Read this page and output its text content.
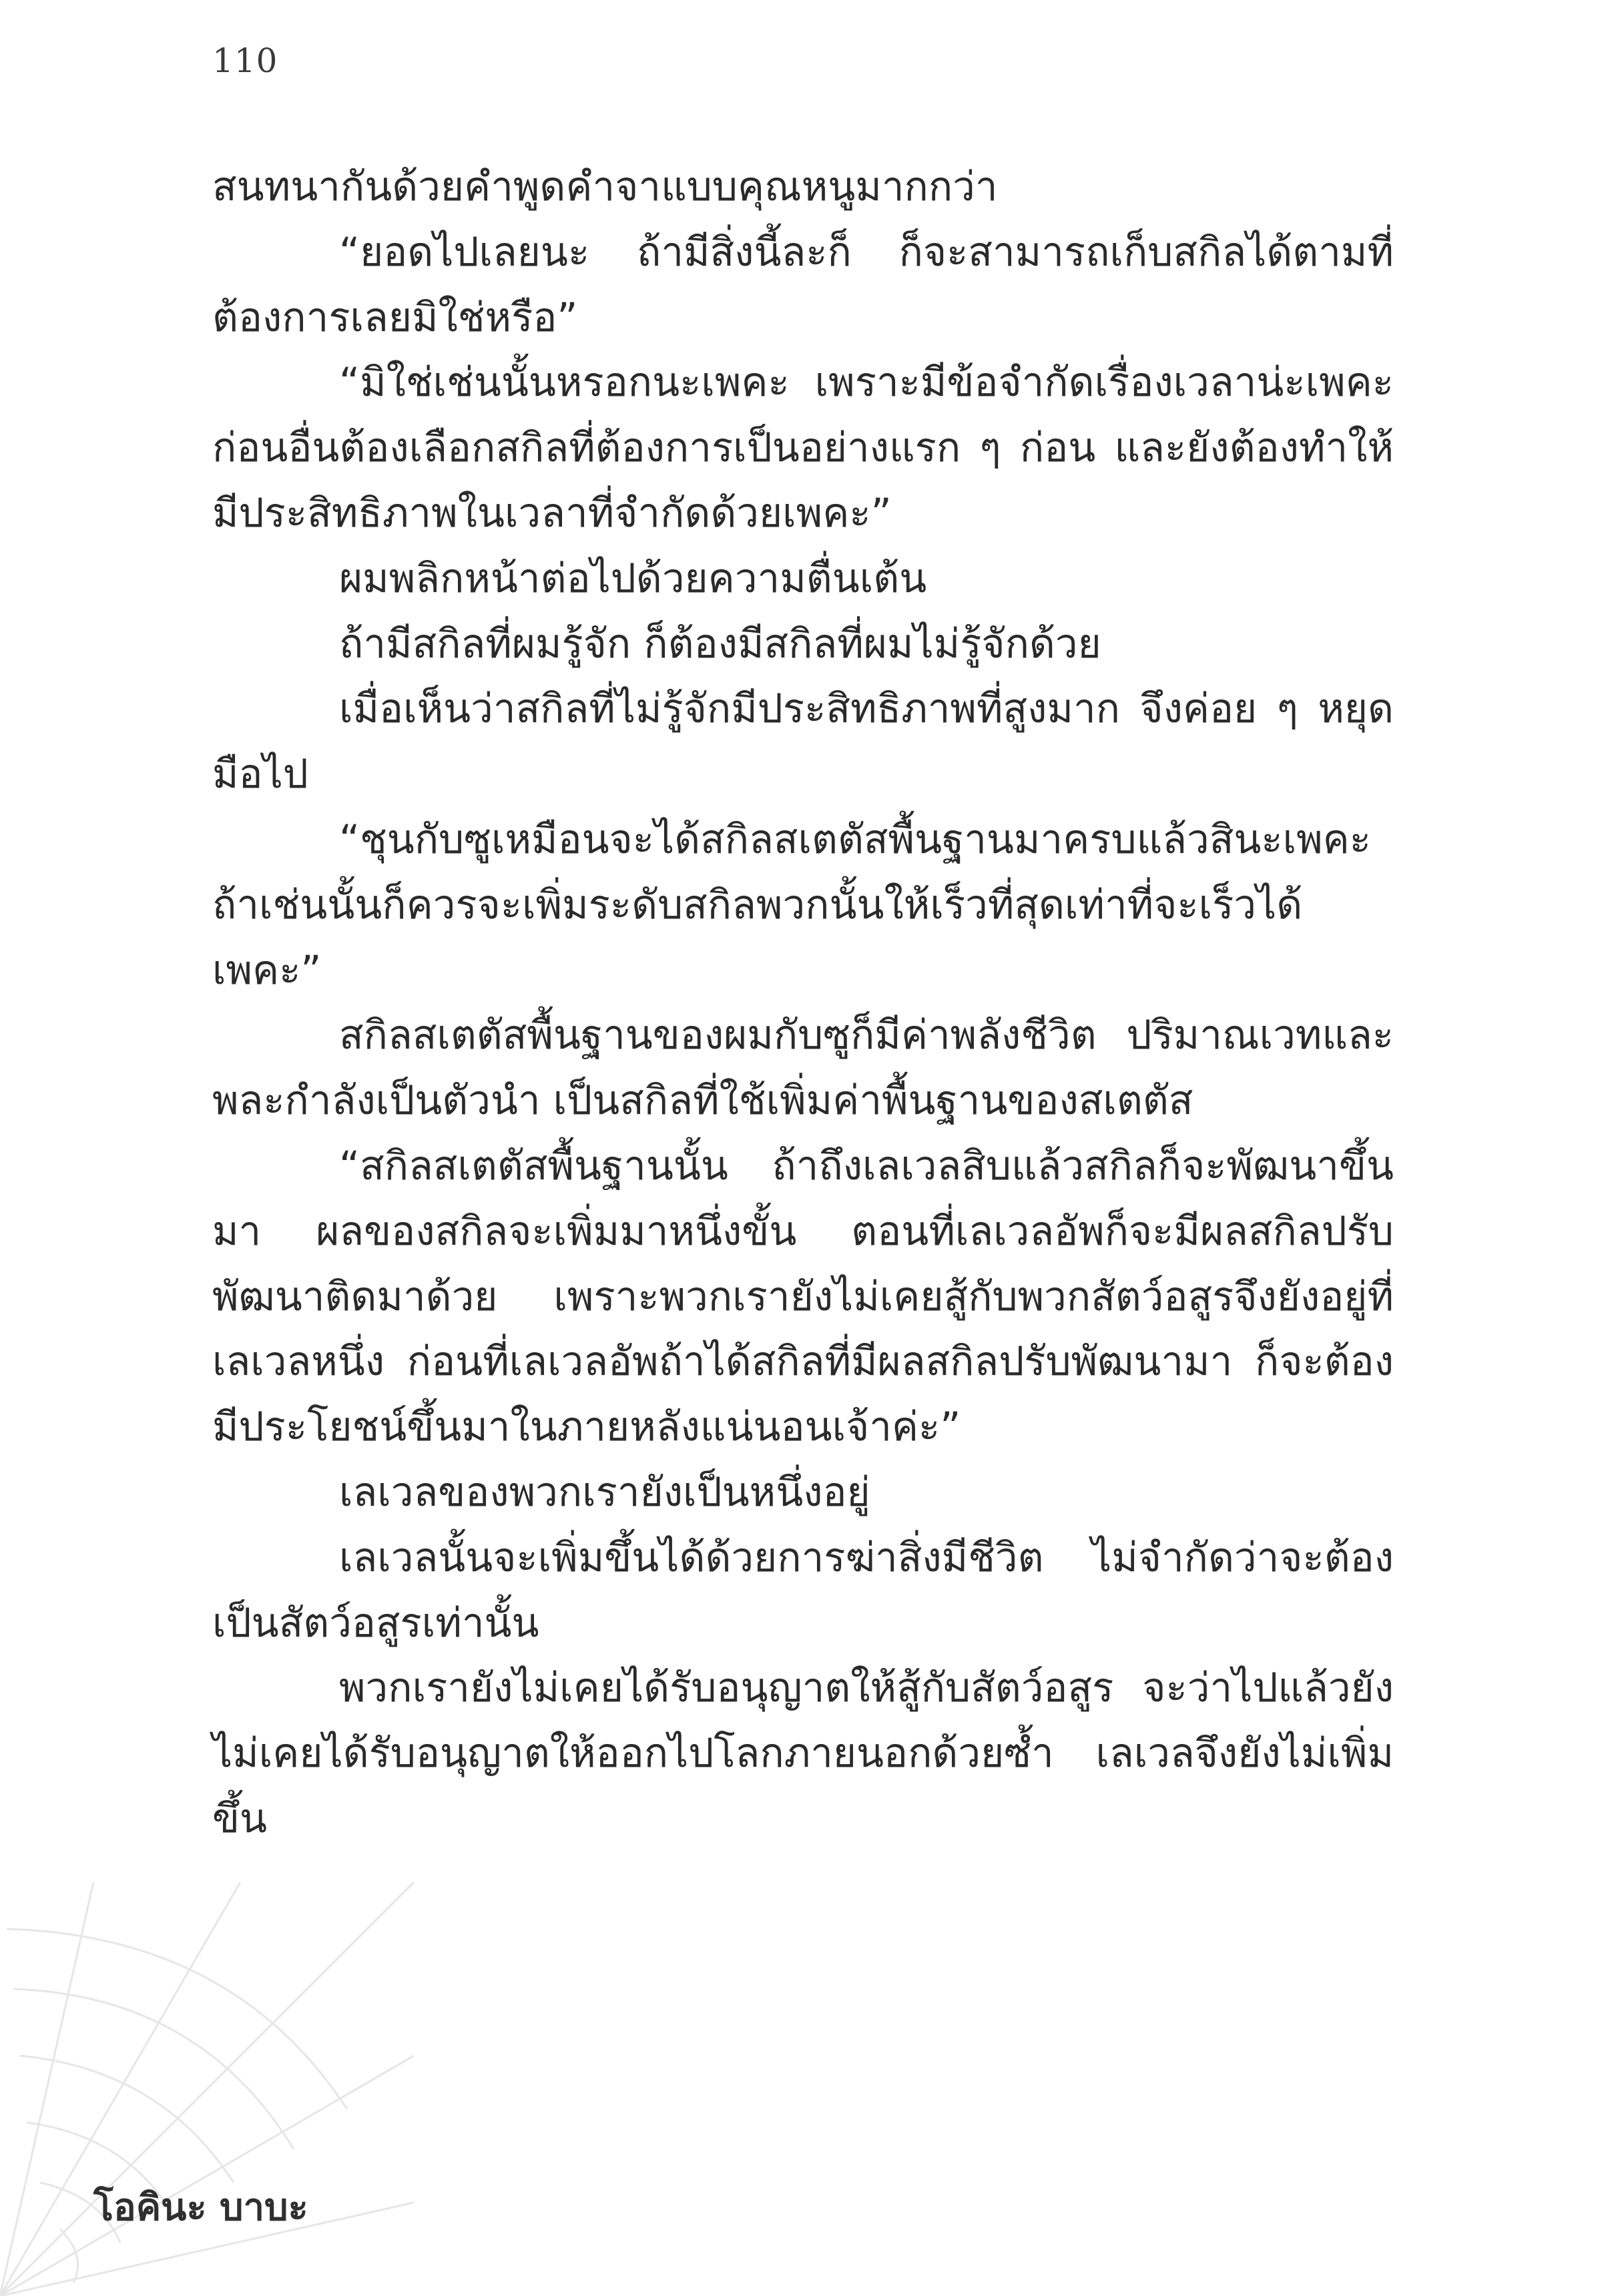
110

สนทนากันด้วยคำพูดคำจาแบบคุณหนูมากกว่า

“ยอดไปเลยนะ ถ้ามีสิ่งนี้ละก็ ก็จะสามารถเก็บสกิลได้ตามที่ต้องการเลยมิใช่หรือ”

“มิใช่เช่นนั้นหรอกนะเพคะ เพราะมีข้อจำกัดเรื่องเวลาน่ะเพคะ ก่อนอื่นต้องเลือกสกิลที่ต้องการเป็นอย่างแรก ๆ ก่อน และยังต้องทำให้มีประสิทธิภาพในเวลาที่จำกัดด้วยเพคะ”

ผมพลิกหน้าต่อไปด้วยความตื่นเต้น

ถ้ามีสกิลที่ผมรู้จัก ก็ต้องมีสกิลที่ผมไม่รู้จักด้วย

เมื่อเห็นว่าสกิลที่ไม่รู้จักมีประสิทธิภาพที่สูงมาก จึงค่อย ๆ หยุดมือไป

“ชุนกับซูเหมือนจะได้สกิลสเตตัสพื้นฐานมาครบแล้วสินะเพคะ ถ้าเช่นนั้นก็ควรจะเพิ่มระดับสกิลพวกนั้นให้เร็วที่สุดเท่าที่จะเร็วได้เพคะ”

สกิลสเตตัสพื้นฐานของผมกับซูก็มีค่าพลังชีวิต ปริมาณเวทและพละกำลังเป็นตัวนำ เป็นสกิลที่ใช้เพิ่มค่าพื้นฐานของสเตตัส

“สกิลสเตตัสพื้นฐานนั้น ถ้าถึงเลเวลสิบแล้วสกิลก็จะพัฒนาขึ้นมา ผลของสกิลจะเพิ่มมาหนึ่งขั้น ตอนที่เลเวลอัพก็จะมีผลสกิลปรับพัฒนาติดมาด้วย เพราะพวกเรายังไม่เคยสู้กับพวกสัตว์อสูรจึงยังอยู่ที่เลเวลหนึ่ง ก่อนที่เลเวลอัพถ้าได้สกิลที่มีผลสกิลปรับพัฒนามา ก็จะต้องมีประโยชน์ขึ้นมาในภายหลังแน่นอนเจ้าค่ะ”

เลเวลของพวกเรายังเป็นหนึ่งอยู่

เลเวลนั้นจะเพิ่มขึ้นได้ด้วยการฆ่าสิ่งมีชีวิต ไม่จำกัดว่าจะต้องเป็นสัตว์อสูรเท่านั้น

พวกเรายังไม่เคยได้รับอนุญาตให้สู้กับสัตว์อสูร จะว่าไปแล้วยังไม่เคยได้รับอนุญาตให้ออกไปโลกภายนอกด้วยซ้ำ เลเวลจึงยังไม่เพิ่มขึ้น

โอคินะ บาบะ
